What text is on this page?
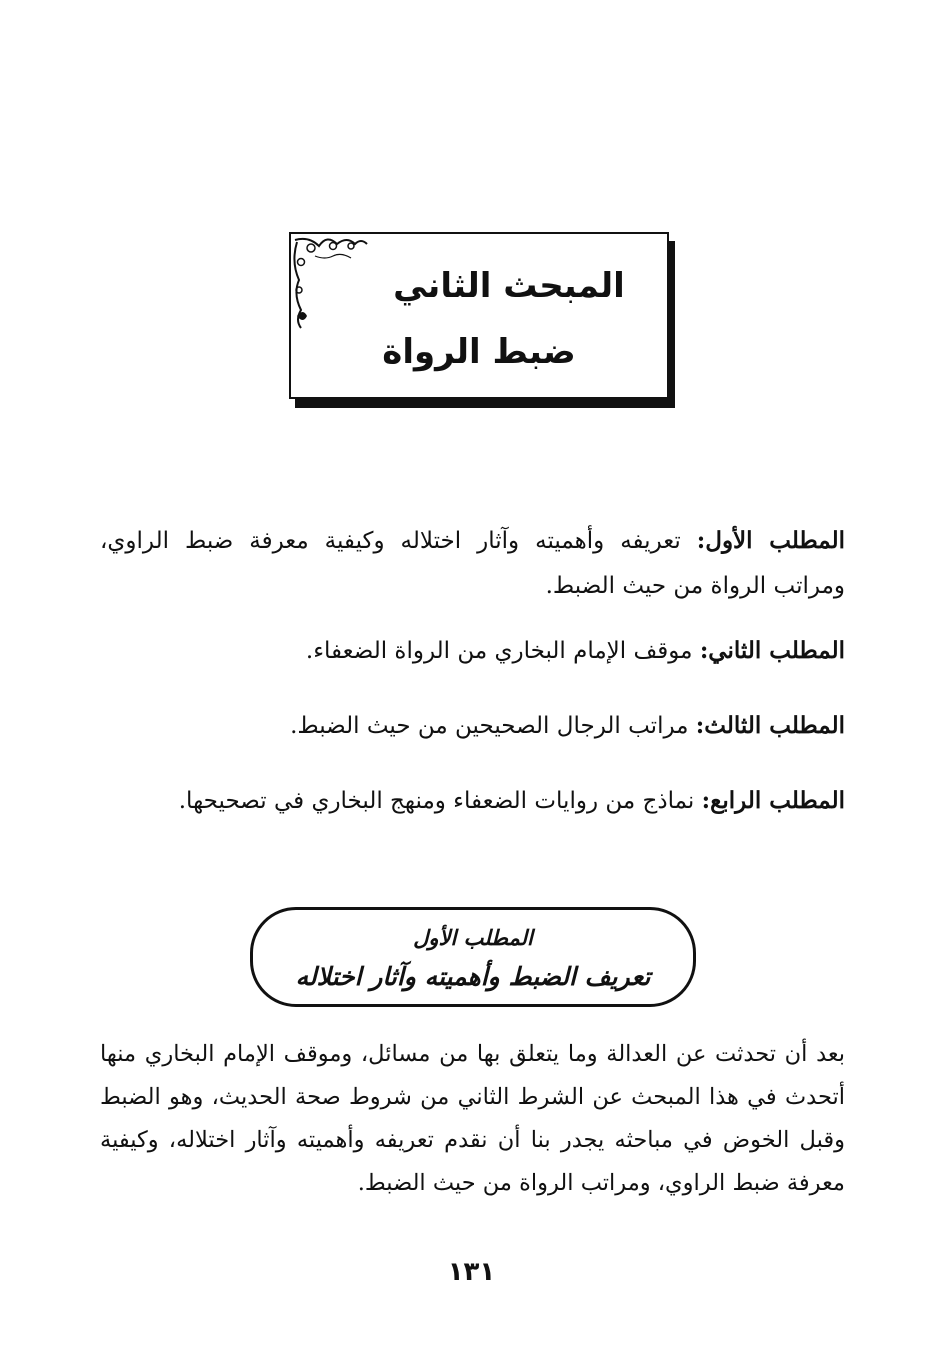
المبحث الثاني
ضبط الرواة
المطلب الأول: تعريفه وأهميته وآثار اختلاله وكيفية معرفة ضبط الراوي، ومراتب الرواة من حيث الضبط.
المطلب الثاني: موقف الإمام البخاري من الرواة الضعفاء.
المطلب الثالث: مراتب الرجال الصحيحين من حيث الضبط.
المطلب الرابع: نماذج من روايات الضعفاء ومنهج البخاري في تصحيحها.
المطلب الأول
تعريف الضبط وأهميته وآثار اختلاله
بعد أن تحدثت عن العدالة وما يتعلق بها من مسائل، وموقف الإمام البخاري منها أتحدث في هذا المبحث عن الشرط الثاني من شروط صحة الحديث، وهو الضبط وقبل الخوض في مباحثه يجدر بنا أن نقدم تعريفه وأهميته وآثار اختلاله، وكيفية معرفة ضبط الراوي، ومراتب الرواة من حيث الضبط.
١٣١
